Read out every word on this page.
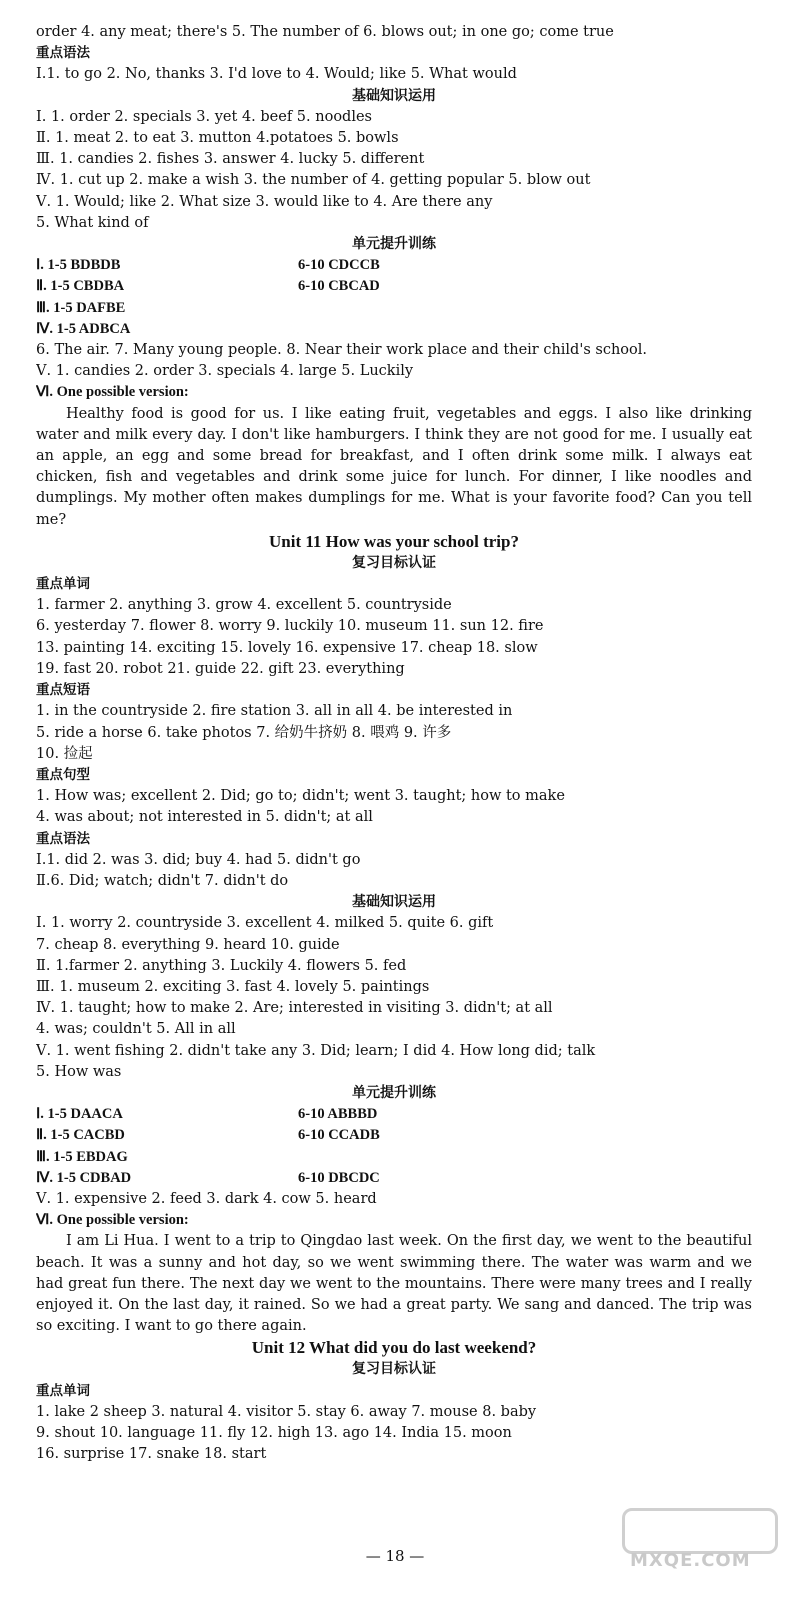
order 4. any meat; there's 5. The number of 6. blows out; in one go; come true
重点语法
Ⅰ.1. to go 2. No, thanks 3. I'd love to 4. Would; like 5. What would
基础知识运用
Ⅰ. 1. order 2. specials 3. yet 4. beef 5. noodles
Ⅱ. 1. meat 2. to eat 3. mutton 4.potatoes 5. bowls
Ⅲ. 1. candies 2. fishes 3. answer 4. lucky 5. different
Ⅳ. 1. cut up 2. make a wish 3. the number of 4. getting popular 5. blow out
Ⅴ. 1. Would; like 2. What size 3. would like to 4. Are there any
5. What kind of
单元提升训练
Ⅰ. 1-5 BDBDB	6-10 CDCCB
Ⅱ. 1-5 CBDBA	6-10 CBCAD
Ⅲ. 1-5 DAFBE
Ⅳ. 1-5 ADBCA
6. The air. 7. Many young people. 8. Near their work place and their child's school.
Ⅴ. 1. candies 2. order 3. specials 4. large 5. Luckily
Ⅵ. One possible version:
Healthy food is good for us. I like eating fruit, vegetables and eggs. I also like drinking water and milk every day. I don't like hamburgers. I think they are not good for me. I usually eat an apple, an egg and some bread for breakfast, and I often drink some milk. I always eat chicken, fish and vegetables and drink some juice for lunch. For dinner, I like noodles and dumplings. My mother often makes dumplings for me. What is your favorite food? Can you tell me?
Unit 11 How was your school trip?
复习目标认证
重点单词
1. farmer 2. anything 3. grow 4. excellent 5. countryside
6. yesterday 7. flower 8. worry 9. luckily 10. museum 11. sun 12. fire
13. painting 14. exciting 15. lovely 16. expensive 17. cheap 18. slow
19. fast 20. robot 21. guide 22. gift 23. everything
重点短语
1. in the countryside 2. fire station 3. all in all 4. be interested in
5. ride a horse 6. take photos 7. 给奶牛挤奶 8. 喂鸡 9. 许多
10. 捡起
重点句型
1. How was; excellent 2. Did; go to; didn't; went 3. taught; how to make
4. was about; not interested in 5. didn't; at all
重点语法
Ⅰ.1. did 2. was 3. did; buy 4. had 5. didn't go
Ⅱ.6. Did; watch; didn't 7. didn't do
基础知识运用
Ⅰ. 1. worry 2. countryside 3. excellent 4. milked 5. quite 6. gift
7. cheap 8. everything 9. heard 10. guide
Ⅱ. 1.farmer 2. anything 3. Luckily 4. flowers 5. fed
Ⅲ. 1. museum 2. exciting 3. fast 4. lovely 5. paintings
Ⅳ. 1. taught; how to make 2. Are; interested in visiting 3. didn't; at all
4. was; couldn't 5. All in all
Ⅴ. 1. went fishing 2. didn't take any 3. Did; learn; I did 4. How long did; talk
5. How was
单元提升训练
Ⅰ. 1-5 DAACA	6-10 ABBBD
Ⅱ. 1-5 CACBD	6-10 CCADB
Ⅲ. 1-5 EBDAG
Ⅳ. 1-5 CDBAD	6-10 DBCDC
Ⅴ. 1. expensive 2. feed 3. dark 4. cow 5. heard
Ⅵ. One possible version:
I am Li Hua. I went to a trip to Qingdao last week. On the first day, we went to the beautiful beach. It was a sunny and hot day, so we went swimming there. The water was warm and we had great fun there. The next day we went to the mountains. There were many trees and I really enjoyed it. On the last day, it rained. So we had a great party. We sang and danced. The trip was so exciting. I want to go there again.
Unit 12 What did you do last weekend?
复习目标认证
重点单词
1. lake 2 sheep 3. natural 4. visitor 5. stay 6. away 7. mouse 8. baby
9. shout 10. language 11. fly 12. high 13. ago 14. India 15. moon
16. surprise 17. snake 18. start
— 18 —	MXQE.COM
